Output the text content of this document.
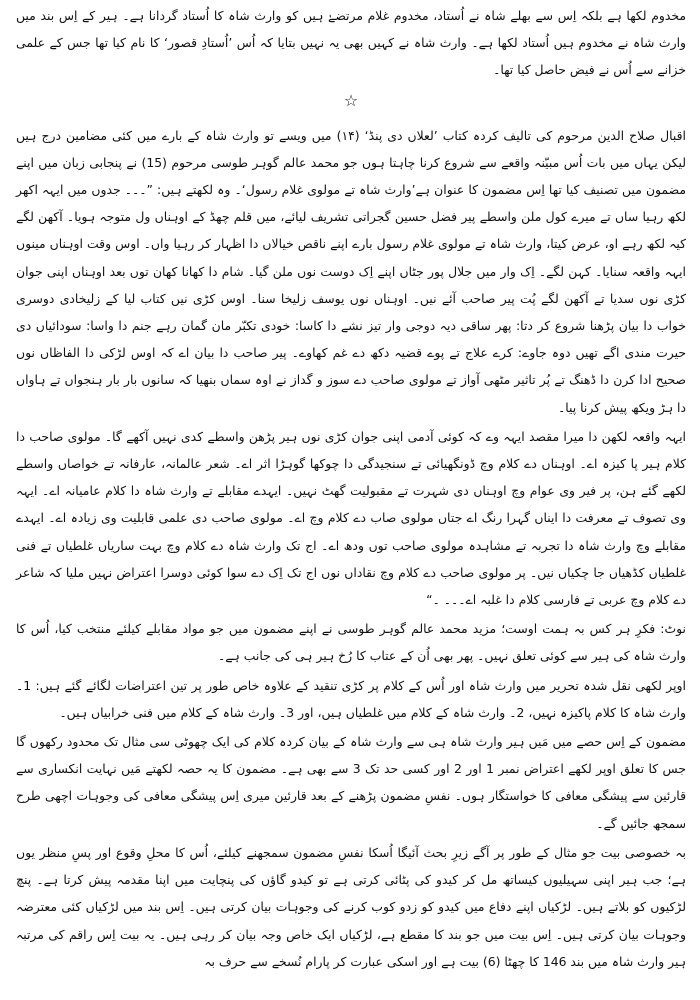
مخدوم لکھا ہے بلکہ اِس سے بھلے شاہ نے اُستاد، مخدوم غلام مرتضےٰ ہیں کو وارث شاہ کا اُستاد گردانا ہے۔ ہیر کے اِس بند میں وارث شاہ نے مخدوم ہیں اُستاد لکھا ہے۔ وارث شاہ نے کہیں بھی یہ نہیں بتایا کہ اُس ’اُستادِ قصور‘ کا نام کیا تھا جس کے علمی خزانے سے اُس نے فیض حاصل کیا تھا۔

☆

اقبال صلاح الدین مرحوم کی تالیف کردہ کتاب ’لعلاں دی پنڈ‘ (۱۴) میں ویسے تو وارث شاہ کے بارے میں کئی مضامین درج ہیں لیکن یہاں میں بات اُس مبیّنہ واقعے سے شروع کرنا چاہتا ہوں جو محمد عالم گوہر طوسی مرحوم (15) نے پنجابی زبان میں اپنے مضمون میں تصنیف کیا تھا اِس مضمون کا عنوان ہے’وارث شاہ تے مولوی غلام رسول‘۔ وہ لکھتے ہیں: ”۔۔۔ جدوں میں ایہہ اکھر لکھ رہیا ساں تے میرے کول ملن واسطے پیر فضل حسین گجراتی تشریف لیائے، میں قلم چھڈ کے اوہناں ول متوجہ ہویا۔ آکھن لگے کیہ لکھ رہے او، عرض کیتا، وارث شاہ تے مولوی غلام رسول بارے اپنے ناقص خیالاں دا اظہار کر رہیا واں۔ اوس وقت اوہناں مینوں ایہہ واقعہ سنایا۔ کہن لگے۔ اِک وار میں جلال پور جٹاں اپنے اِک دوست نوں ملن گیا۔ شام دا کھانا کھان توں بعد اوہناں اپنی جوان کڑی نوں سدیا تے آکھن لگے پُت پیر صاحب آئے نیں۔ اوہناں نوں یوسف زلیخا سنا۔ اوس کڑی نیں کتاب لیا کے زلیخادی دوسری خواب دا بیان پڑھنا شروع کر دتا: پھر ساقی دیہ دوجی وار تیز نشے دا کاسا: خودی تکبّر مان گمان رہے جنم دا واسا: سودائیاں دی حیرت مندی اگے تھیں دوہ جاوے: کرے علاج تے پوے قضیہ دکھ دے غم کھاوے۔ پیر صاحب دا بیان اے کہ اوس لڑکی دا الفاظاں نوں صحیح ادا کرن دا ڈھنگ تے پُر تاثیر مٹھی آواز تے مولوی صاحب دے سوز و گداز نے اوہ سماں بنھیا کہ سانوں بار بار ہنجواں تے ہاواں دا ہڑ ویکھ پیش کرنا پیا۔

ایہہ واقعہ لکھن دا میرا مقصد ایہہ وے کہ کوئی آدمی اپنی جوان کڑی نوں ہیر پڑھن واسطے کدی نہیں آکھے گا۔ مولوی صاحب دا کلام ہیر پا کیزہ اے۔ اوہناں دے کلام وچ ڈونگھیائی تے سنجیدگی دا چوکھا گوہڑا اثر اے۔ شعر عالمانہ، عارفانہ تے خواصاں واسطے لکھے گئے ہن، پر فیر وی عوام وچ اوہناں دی شہرت تے مقبولیت گھٹ نہیں۔ ایہدے مقابلے تے وارث شاہ دا کلام عامیانہ اے۔ ایہہ وی تصوف تے معرفت دا ایناں گہرا رنگ اے جتاں مولوی صاب دے کلام وچ اے۔ مولوی صاحب دی علمی قابلیت وی زیادہ اے۔ ایہدے مقابلے وچ وارث شاہ دا تجربہ تے مشاہدہ مولوی صاحب توں ودھ اے۔ اج تک وارث شاہ دے کلام وچ بہت ساریاں غلطیاں تے فنی غلطیاں کڈھیاں جا چکیاں نیں۔ پر مولوی صاحب دے کلام وچ نقاداں نوں اج تک اِک دے سوا کوئی دوسرا اعتراض نہیں ملیا کہ شاعر دے کلام وچ عربی تے فارسی کلام دا غلبہ اے۔۔۔ ۔“

نوٹ: فکرِ ہر کس بہ ہمت اوست؛ مزید محمد عالم گوہر طوسی نے اپنے مضمون میں جو مواد مقابلے کیلئے منتخب کیا، اُس کا وارث شاہ کی ہیر سے کوئی تعلق نہیں۔ پھر بھی اُن کے عتاب کا رُخ ہیر ہی کی جانب ہے۔

اوپر لکھی نقل شدہ تحریر میں وارث شاہ اور اُس کے کلام پر کڑی تنقید کے علاوہ خاص طور پر تین اعتراضات لگائے گئے ہیں: 1۔ وارث شاہ کا کلام پاکیزہ نہیں، 2۔ وارث شاہ کے کلام میں غلطیاں ہیں، اور 3۔ وارث شاہ کے کلام میں فنی خرابیاں ہیں۔

مضمون کے اِس حصے میں مَیں ہیر وارث شاہ ہی سے وارث شاہ کے بیان کردہ کلام کی ایک چھوٹی سی مثال تک محدود رکھوں گا جس کا تعلق اوپر لکھے اعتراض نمبر 1 اور 2 اور کسی حد تک 3 سے بھی ہے۔ مضمون کا یہ حصہ لکھتے مَیں نہایت انکساری سے قارئین سے پیشگی معافی کا خواستگار ہوں۔ نفسِ مضمون پڑھنے کے بعد قارئین میری اِس پیشگی معافی کی وجوہات اچھی طرح سمجھ جائیں گے۔

بہ خصوصی بیت جو مثال کے طور پر آگے زیرِ بحث آئیگا اُسکا نفسِ مضمون سمجھنے کیلئے، اُس کا محلِ وقوع اور پسِ منظر یوں ہے؛ جب ہیر اپنی سہیلیوں کیساتھ مل کر کیدو کی پٹائی کرتی ہے تو کیدو گاؤں کی پنچایت میں اپنا مقدمہ پیش کرتا ہے۔ پنچ لڑکیوں کو بلاتے ہیں۔ لڑکیاں اپنے دفاع میں کیدو کو زدو کوب کرنے کی وجوہات بیان کرتی ہیں۔ اِس بند میں لڑکیاں کئی معترضہ وجوہات بیان کرتی ہیں۔ اِس بیت میں جو بند کا مقطع ہے، لڑکیاں ایک خاص وجہ بیان کر رہی ہیں۔ یہ بیت اِس راقم کی مرتبہ ہیر وارث شاہ میں بند 146 کا چھٹا (6) بیت ہے اور اسکی عبارت کر پارام نُسخے سے حرف بہ
